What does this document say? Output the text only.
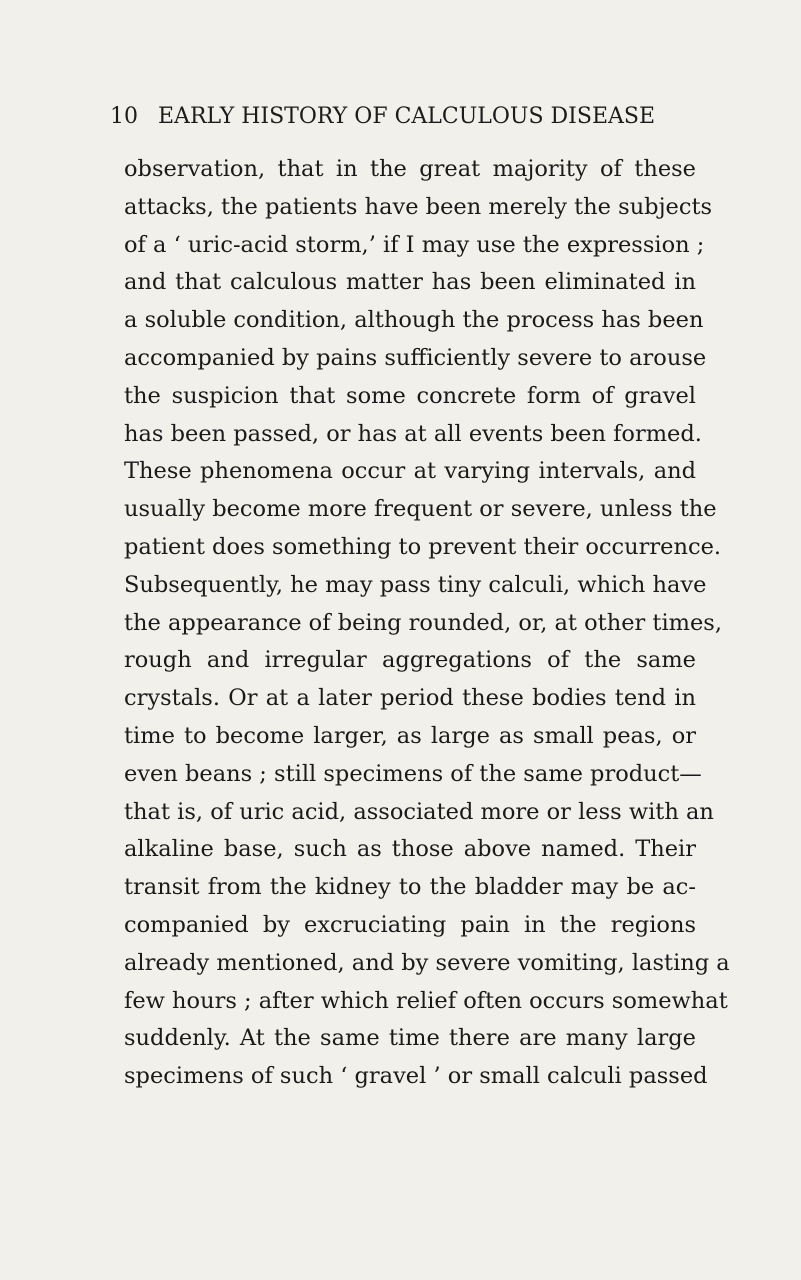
10 EARLY HISTORY OF CALCULOUS DISEASE
observation, that in the great majority of these
attacks, the patients have been merely the subjects
of a ‘ uric-acid storm,’ if I may use the expression ;
and that calculous matter has been eliminated in
a soluble condition, although the process has been
accompanied by pains sufficiently severe to arouse
the suspicion that some concrete form of gravel
has been passed, or has at all events been formed.
These phenomena occur at varying intervals, and
usually become more frequent or severe, unless the
patient does something to prevent their occurrence.
Subsequently, he may pass tiny calculi, which have
the appearance of being rounded, or, at other times,
rough and irregular aggregations of the same
crystals. Or at a later period these bodies tend in
time to become larger, as large as small peas, or
even beans ; still specimens of the same product—
that is, of uric acid, associated more or less with an
alkaline base, such as those above named. Their
transit from the kidney to the bladder may be ac-
companied by excruciating pain in the regions
already mentioned, and by severe vomiting, lasting a
few hours ; after which relief often occurs somewhat
suddenly. At the same time there are many large
specimens of such ‘ gravel ’ or small calculi passed
